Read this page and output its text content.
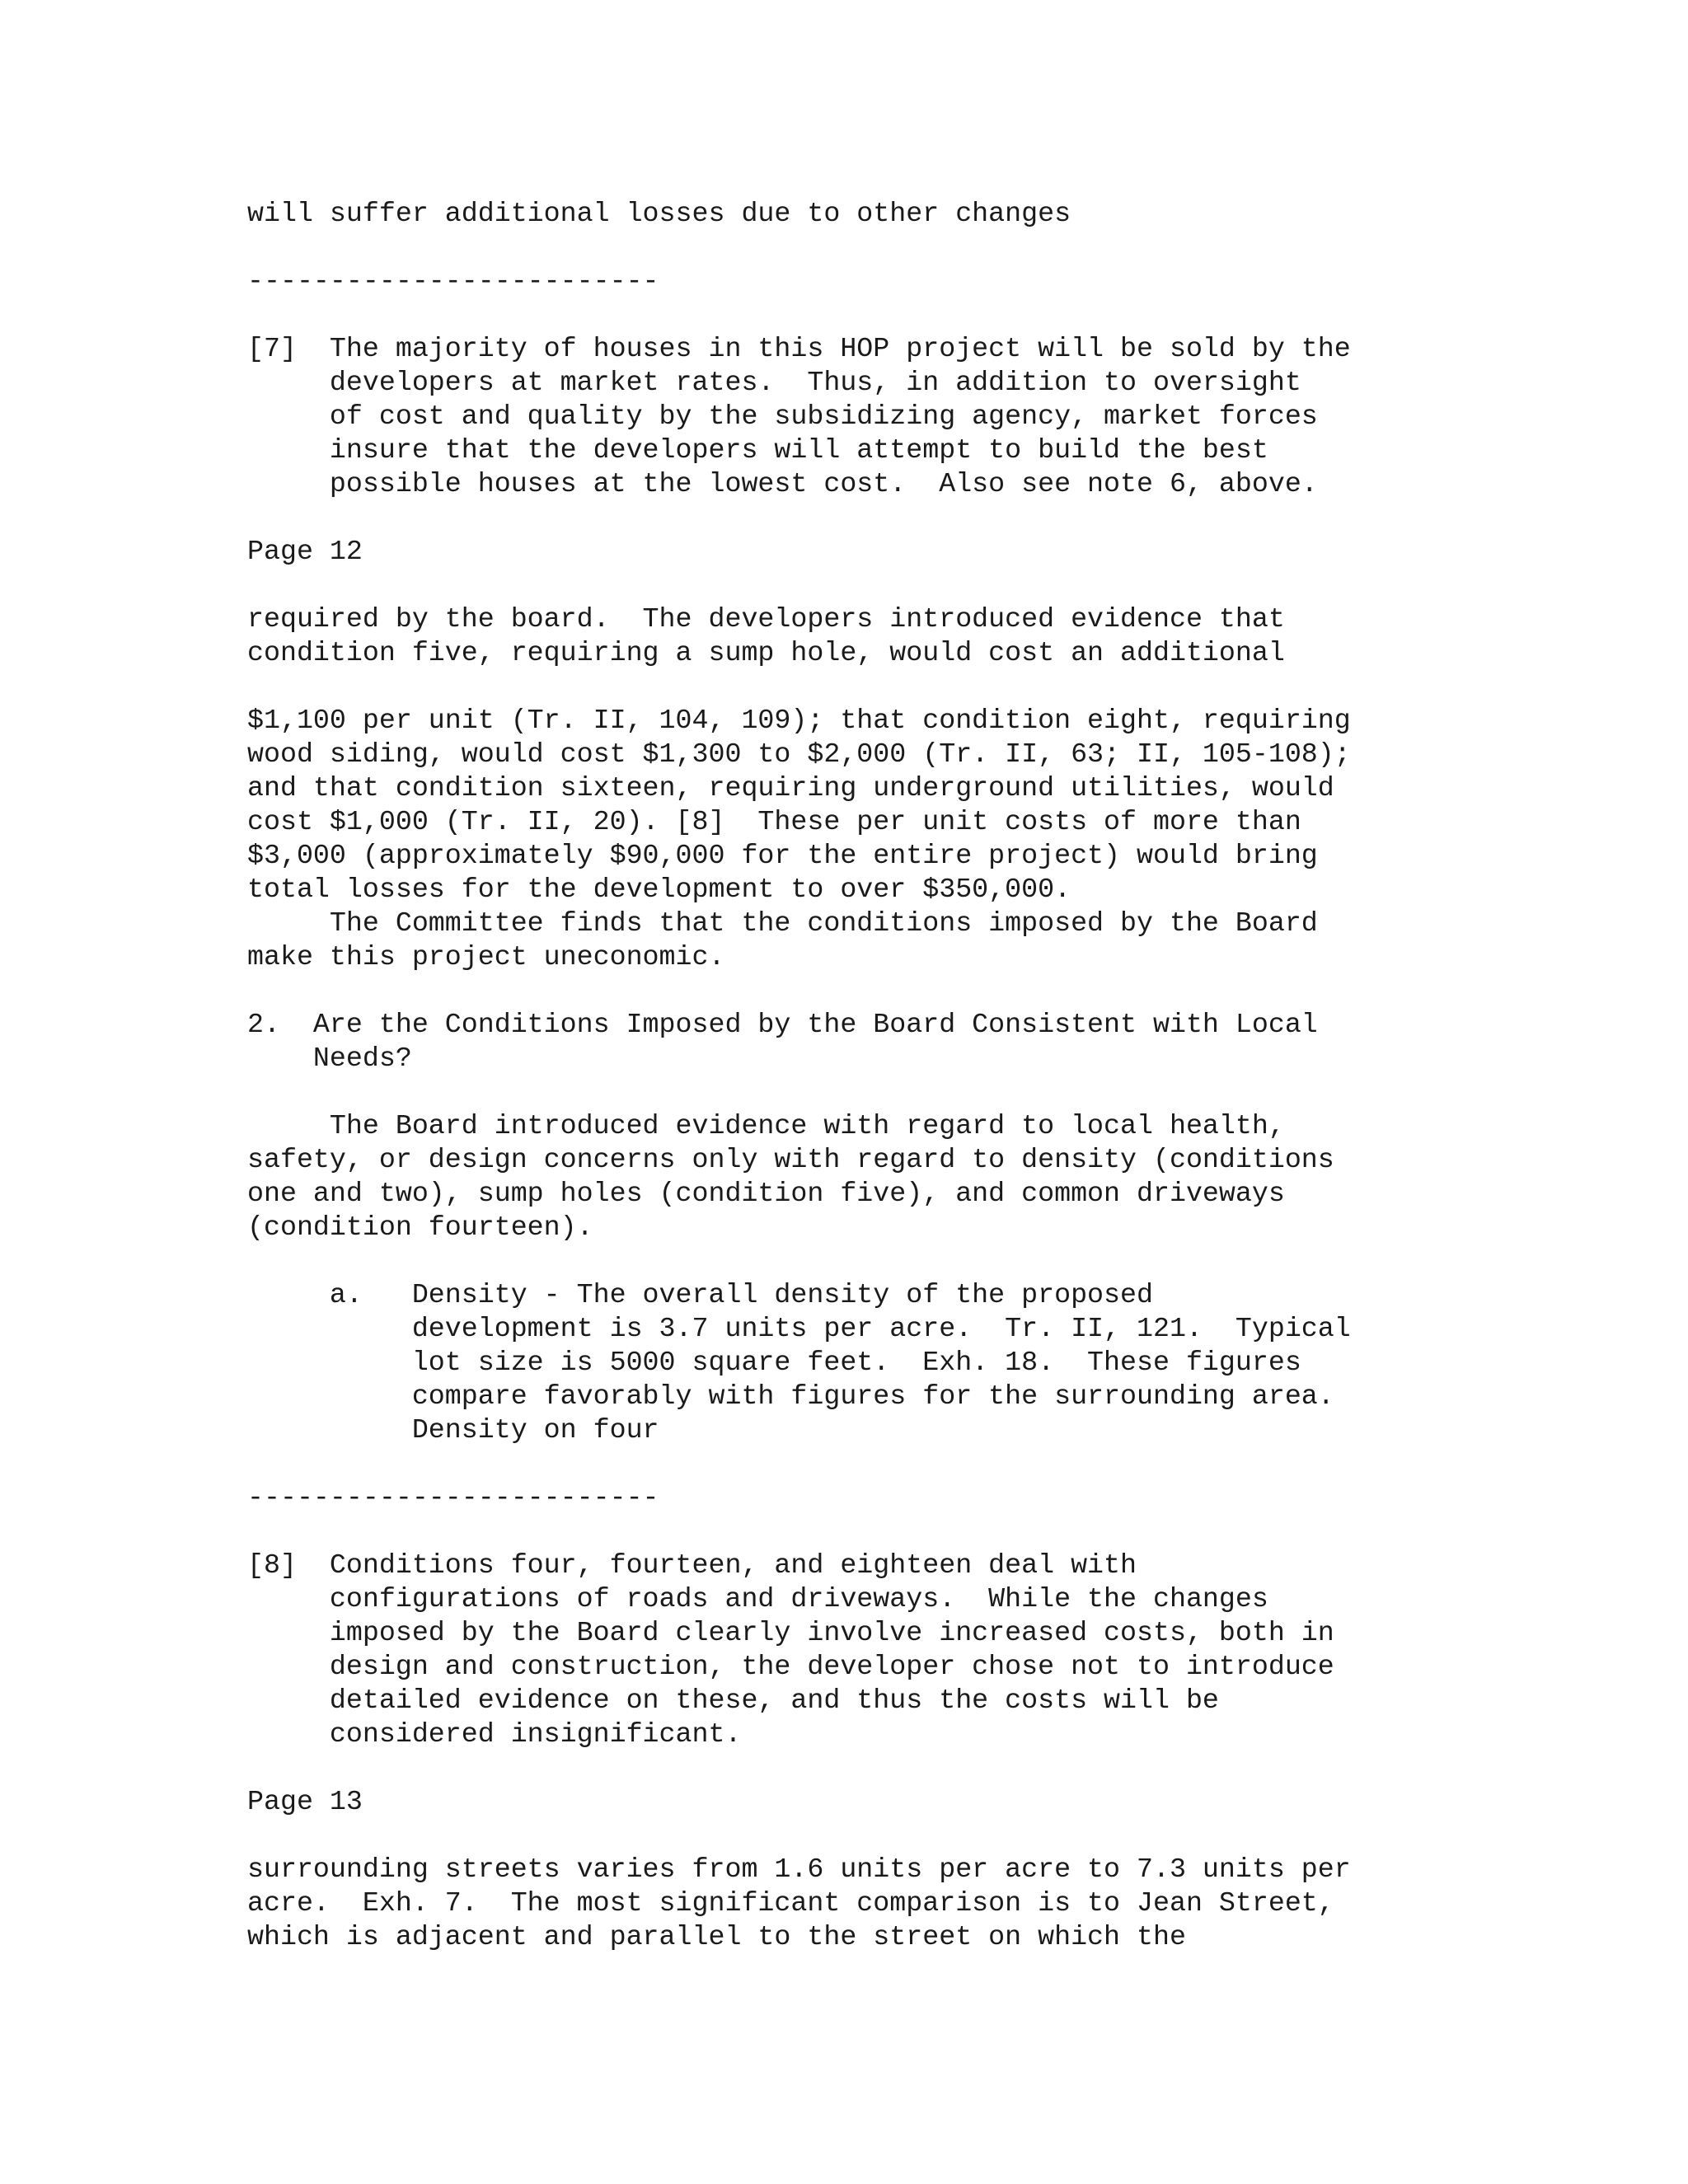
will suffer additional losses due to other changes
-------------------------
[7]  The majority of houses in this HOP project will be sold by the
developers at market rates.  Thus, in addition to oversight
of cost and quality by the subsidizing agency, market forces
insure that the developers will attempt to build the best
possible houses at the lowest cost.  Also see note 6, above.
Page 12
required by the board.  The developers introduced evidence that
condition five, requiring a sump hole, would cost an additional
$1,100 per unit (Tr. II, 104, 109); that condition eight, requiring
wood siding, would cost $1,300 to $2,000 (Tr. II, 63; II, 105-108);
and that condition sixteen, requiring underground utilities, would
cost $1,000 (Tr. II, 20). [8]  These per unit costs of more than
$3,000 (approximately $90,000 for the entire project) would bring
total losses for the development to over $350,000.
The Committee finds that the conditions imposed by the Board
make this project uneconomic.
2.  Are the Conditions Imposed by the Board Consistent with Local
Needs?
The Board introduced evidence with regard to local health,
safety, or design concerns only with regard to density (conditions
one and two), sump holes (condition five), and common driveways
(condition fourteen).
a.   Density - The overall density of the proposed
development is 3.7 units per acre.  Tr. II, 121.  Typical
lot size is 5000 square feet.  Exh. 18.  These figures
compare favorably with figures for the surrounding area.
Density on four
-------------------------
[8]  Conditions four, fourteen, and eighteen deal with
configurations of roads and driveways.  While the changes
imposed by the Board clearly involve increased costs, both in
design and construction, the developer chose not to introduce
detailed evidence on these, and thus the costs will be
considered insignificant.
Page 13
surrounding streets varies from 1.6 units per acre to 7.3 units per
acre.  Exh. 7.  The most significant comparison is to Jean Street,
which is adjacent and parallel to the street on which the
